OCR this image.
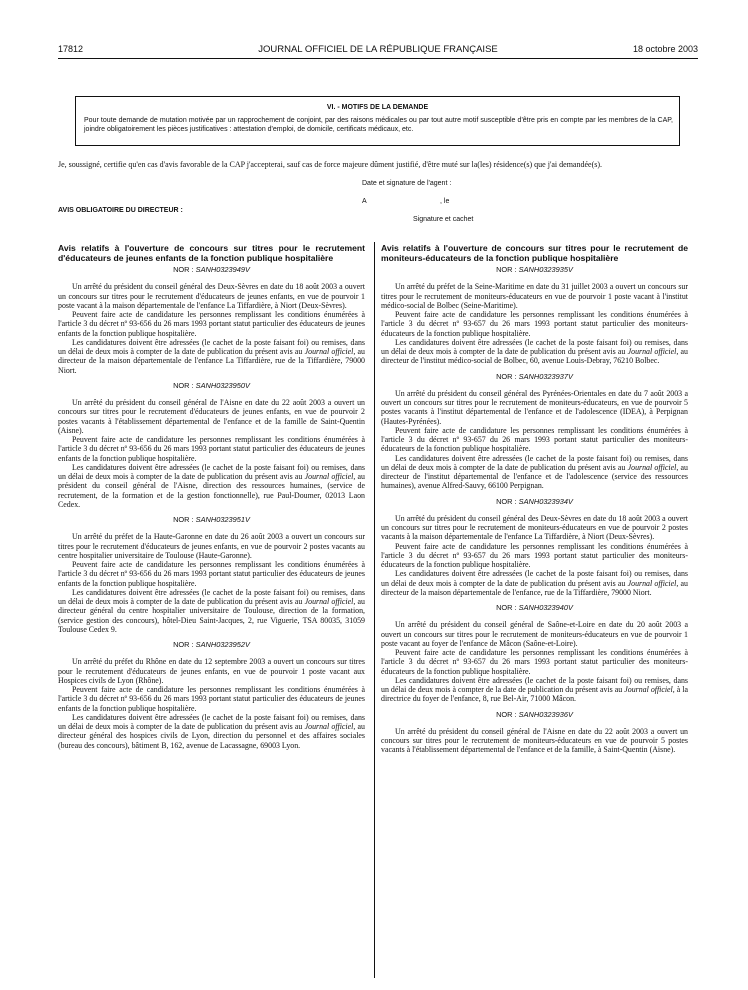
17812	JOURNAL OFFICIEL DE LA RÉPUBLIQUE FRANÇAISE	18 octobre 2003
VI. - MOTIFS DE LA DEMANDE
Pour toute demande de mutation motivée par un rapprochement de conjoint, par des raisons médicales ou par tout autre motif susceptible d'être pris en compte par les membres de la CAP, joindre obligatoirement les pièces justificatives : attestation d'emploi, de domicile, certificats médicaux, etc.
Je, soussigné, certifie qu'en cas d'avis favorable de la CAP j'accepterai, sauf cas de force majeure dûment justifié, d'être muté sur la(les) résidence(s) que j'ai demandée(s).
Date et signature de l'agent :
A	, le
AVIS OBLIGATOIRE DU DIRECTEUR :
Signature et cachet
Avis relatifs à l'ouverture de concours sur titres pour le recrutement d'éducateurs de jeunes enfants de la fonction publique hospitalière
NOR : SANH0323949V

Un arrêté du président du conseil général des Deux-Sèvres en date du 18 août 2003 a ouvert un concours sur titres pour le recrutement d'éducateurs de jeunes enfants, en vue de pourvoir 1 poste vacant à la maison départementale de l'enfance La Tiffardière, à Niort (Deux-Sèvres).

Peuvent faire acte de candidature les personnes remplissant les conditions énumérées à l'article 3 du décret nº 93-656 du 26 mars 1993 portant statut particulier des éducateurs de jeunes enfants de la fonction publique hospitalière.

Les candidatures doivent être adressées (le cachet de la poste faisant foi) ou remises, dans un délai de deux mois à compter de la date de publication du présent avis au Journal officiel, au directeur de la maison départementale de l'enfance La Tiffardière, rue de la Tiffardière, 79000 Niort.

NOR : SANH0323950V

Un arrêté du président du conseil général de l'Aisne en date du 22 août 2003 a ouvert un concours sur titres pour le recrutement d'éducateurs de jeunes enfants, en vue de pourvoir 2 postes vacants à l'établissement départemental de l'enfance et de la famille de Saint-Quentin (Aisne).

Peuvent faire acte de candidature les personnes remplissant les conditions énumérées à l'article 3 du décret nº 93-656 du 26 mars 1993 portant statut particulier des éducateurs de jeunes enfants de la fonction publique hospitalière.

Les candidatures doivent être adressées (le cachet de la poste faisant foi) ou remises, dans un délai de deux mois à compter de la date de publication du présent avis au Journal officiel, au président du conseil général de l'Aisne, direction des ressources humaines, (service de recrutement, de la formation et de la gestion fonctionnelle), rue Paul-Doumer, 02013 Laon Cedex.

NOR : SANH0323951V

Un arrêté du préfet de la Haute-Garonne en date du 26 août 2003 a ouvert un concours sur titres pour le recrutement d'éducateurs de jeunes enfants, en vue de pourvoir 2 postes vacants au centre hospitalier universitaire de Toulouse (Haute-Garonne).

Peuvent faire acte de candidature les personnes remplissant les conditions énumérées à l'article 3 du décret nº 93-656 du 26 mars 1993 portant statut particulier des éducateurs de jeunes enfants de la fonction publique hospitalière.

Les candidatures doivent être adressées (le cachet de la poste faisant foi) ou remises, dans un délai de deux mois à compter de la date de publication du présent avis au Journal officiel, au directeur général du centre hospitalier universitaire de Toulouse, direction de la formation, (service gestion des concours), hôtel-Dieu Saint-Jacques, 2, rue Viguerie, TSA 80035, 31059 Toulouse Cedex 9.

NOR : SANH0323952V

Un arrêté du préfet du Rhône en date du 12 septembre 2003 a ouvert un concours sur titres pour le recrutement d'éducateurs de jeunes enfants, en vue de pourvoir 1 poste vacant aux Hospices civils de Lyon (Rhône).

Peuvent faire acte de candidature les personnes remplissant les conditions énumérées à l'article 3 du décret nº 93-656 du 26 mars 1993 portant statut particulier des éducateurs de jeunes enfants de la fonction publique hospitalière.

Les candidatures doivent être adressées (le cachet de la poste faisant foi) ou remises, dans un délai de deux mois à compter de la date de publication du présent avis au Journal officiel, au directeur général des hospices civils de Lyon, direction du personnel et des affaires sociales (bureau des concours), bâtiment B, 162, avenue de Lacassagne, 69003 Lyon.

Avis relatifs à l'ouverture de concours sur titres pour le recrutement de moniteurs-éducateurs de la fonction publique hospitalière
NOR : SANH0323935V

Un arrêté du préfet de la Seine-Maritime en date du 31 juillet 2003 a ouvert un concours sur titres pour le recrutement de moniteurs-éducateurs en vue de pourvoir 1 poste vacant à l'institut médico-social de Bolbec (Seine-Maritime).

Peuvent faire acte de candidature les personnes remplissant les conditions énumérées à l'article 3 du décret nº 93-657 du 26 mars 1993 portant statut particulier des moniteurs-éducateurs de la fonction publique hospitalière.

Les candidatures doivent être adressées (le cachet de la poste faisant foi) ou remises, dans un délai de deux mois à compter de la date de publication du présent avis au Journal officiel, au directeur de l'institut médico-social de Bolbec, 60, avenue Louis-Debray, 76210 Bolbec.

NOR : SANH0323937V

Un arrêté du président du conseil général des Pyrénées-Orientales en date du 7 août 2003 a ouvert un concours sur titres pour le recrutement de moniteurs-éducateurs, en vue de pourvoir 5 postes vacants à l'institut départemental de l'enfance et de l'adolescence (IDEA), à Perpignan (Hautes-Pyrénées).

Peuvent faire acte de candidature les personnes remplissant les conditions énumérées à l'article 3 du décret nº 93-657 du 26 mars 1993 portant statut particulier des moniteurs-éducateurs de la fonction publique hospitalière.

Les candidatures doivent être adressées (le cachet de la poste faisant foi) ou remises, dans un délai de deux mois à compter de la date de publication du présent avis au Journal officiel, au directeur de l'institut départemental de l'enfance et de l'adolescence (service des ressources humaines), avenue Alfred-Sauvy, 66100 Perpignan.

NOR : SANH0323934V

Un arrêté du président du conseil général des Deux-Sèvres en date du 18 août 2003 a ouvert un concours sur titres pour le recrutement de moniteurs-éducateurs en vue de pourvoir 2 postes vacants à la maison départementale de l'enfance La Tiffardière, à Niort (Deux-Sèvres).

Peuvent faire acte de candidature les personnes remplissant les conditions énumérées à l'article 3 du décret nº 93-657 du 26 mars 1993 portant statut particulier des moniteurs-éducateurs de la fonction publique hospitalière.

Les candidatures doivent être adressées (le cachet de la poste faisant foi) ou remises, dans un délai de deux mois à compter de la date de publication du présent avis au Journal officiel, au directeur de la maison départementale de l'enfance, rue de la Tiffardière, 79000 Niort.

NOR : SANH0323940V

Un arrêté du président du conseil général de Saône-et-Loire en date du 20 août 2003 a ouvert un concours sur titres pour le recrutement de moniteurs-éducateurs en vue de pourvoir 1 poste vacant au foyer de l'enfance de Mâcon (Saône-et-Loire).

Peuvent faire acte de candidature les personnes remplissant les conditions énumérées à l'article 3 du décret nº 93-657 du 26 mars 1993 portant statut particulier des moniteurs-éducateurs de la fonction publique hospitalière.

Les candidatures doivent être adressées (le cachet de la poste faisant foi) ou remises, dans un délai de deux mois à compter de la date de publication du présent avis au Journal officiel, à la directrice du foyer de l'enfance, 8, rue Bel-Air, 71000 Mâcon.

NOR : SANH0323936V

Un arrêté du président du conseil général de l'Aisne en date du 22 août 2003 a ouvert un concours sur titres pour le recrutement de moniteurs-éducateurs en vue de pourvoir 5 postes vacants à l'établissement départemental de l'enfance et de la famille, à Saint-Quentin (Aisne).
